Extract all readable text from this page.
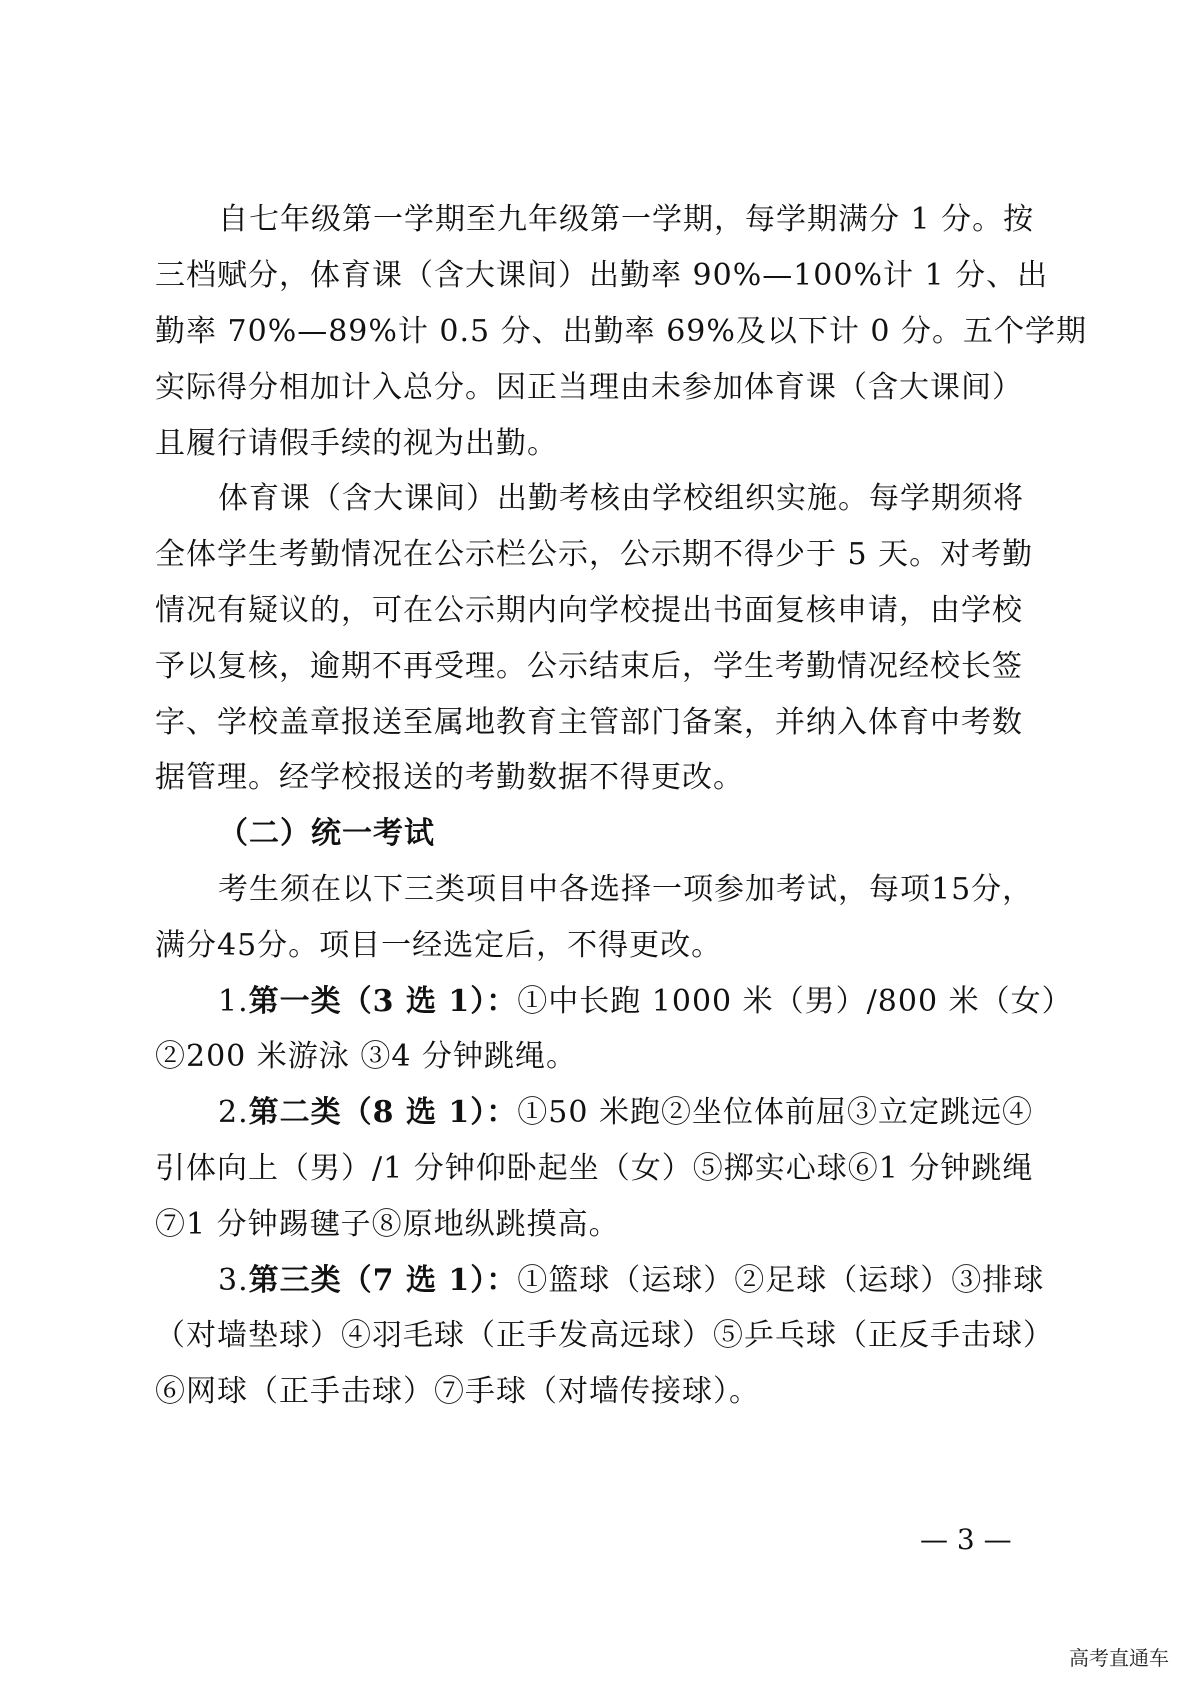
自七年级第一学期至九年级第一学期，每学期满分 1 分。按
三档赋分，体育课（含大课间）出勤率 90%—100%计 1 分、出
勤率 70%—89%计 0.5 分、出勤率 69%及以下计 0 分。五个学期
实际得分相加计入总分。因正当理由未参加体育课（含大课间）
且履行请假手续的视为出勤。
体育课（含大课间）出勤考核由学校组织实施。每学期须将
全体学生考勤情况在公示栏公示，公示期不得少于 5 天。对考勤
情况有疑议的，可在公示期内向学校提出书面复核申请，由学校
予以复核，逾期不再受理。公示结束后，学生考勤情况经校长签
字、学校盖章报送至属地教育主管部门备案，并纳入体育中考数
据管理。经学校报送的考勤数据不得更改。
（二）统一考试
考生须在以下三类项目中各选择一项参加考试，每项15分，
满分45分。项目一经选定后，不得更改。
1.第一类（3 选 1）：①中长跑 1000 米（男）/800 米（女）
②200 米游泳 ③4 分钟跳绳。
2.第二类（8 选 1）：①50 米跑②坐位体前屈③立定跳远④
引体向上（男）/1 分钟仰卧起坐（女）⑤掷实心球⑥1 分钟跳绳
⑦1 分钟踢毽子⑧原地纵跳摸高。
3.第三类（7 选 1）：①篮球（运球）②足球（运球）③排球
（对墙垫球）④羽毛球（正手发高远球）⑤乒乓球（正反手击球）
⑥网球（正手击球）⑦手球（对墙传接球）。
— 3 —
高考直通车
